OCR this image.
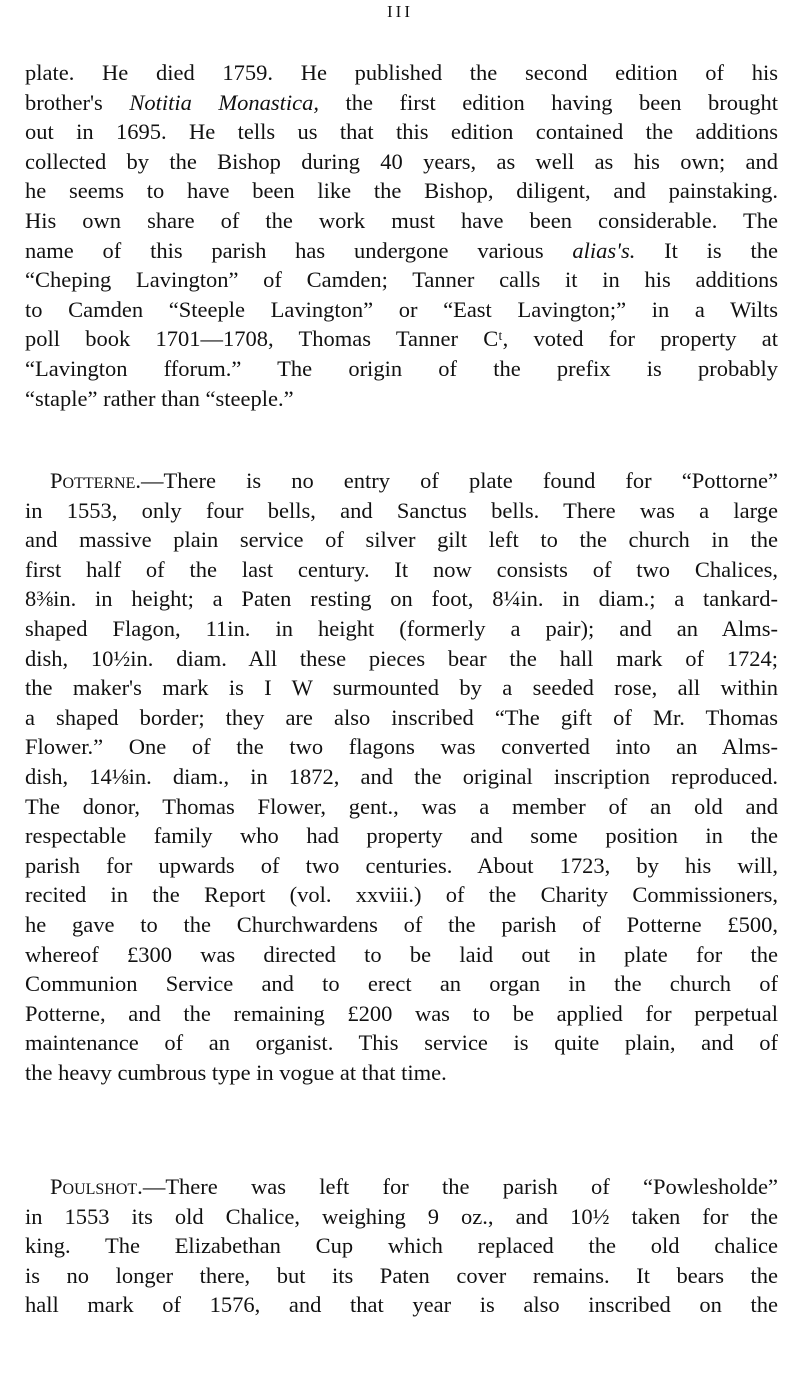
III
plate. He died 1759. He published the second edition of his
brother's Notitia Monastica, the first edition having been brought
out in 1695. He tells us that this edition contained the additions
collected by the Bishop during 40 years, as well as his own; and
he seems to have been like the Bishop, diligent, and painstaking.
His own share of the work must have been considerable. The
name of this parish has undergone various alias's. It is the
“Cheping Lavington” of Camden; Tanner calls it in his additions
to Camden “Steeple Lavington” or “East Lavington;” in a Wilts
poll book 1701—1708, Thomas Tanner Cᵗ, voted for property at
“Lavington fforum.” The origin of the prefix is probably
“staple” rather than “steeple.”
Potterne.—There is no entry of plate found for “Pottorne”
in 1553, only four bells, and Sanctus bells. There was a large
and massive plain service of silver gilt left to the church in the
first half of the last century. It now consists of two Chalices,
8⅜in. in height; a Paten resting on foot, 8¼in. in diam.; a tankard-
shaped Flagon, 11in. in height (formerly a pair); and an Alms-
dish, 10½in. diam. All these pieces bear the hall mark of 1724;
the maker's mark is I W surmounted by a seeded rose, all within
a shaped border; they are also inscribed “The gift of Mr. Thomas
Flower.” One of the two flagons was converted into an Alms-
dish, 14⅛in. diam., in 1872, and the original inscription reproduced.
The donor, Thomas Flower, gent., was a member of an old and
respectable family who had property and some position in the
parish for upwards of two centuries. About 1723, by his will,
recited in the Report (vol. xxviii.) of the Charity Commissioners,
he gave to the Churchwardens of the parish of Potterne £500,
whereof £300 was directed to be laid out in plate for the
Communion Service and to erect an organ in the church of
Potterne, and the remaining £200 was to be applied for perpetual
maintenance of an organist. This service is quite plain, and of
the heavy cumbrous type in vogue at that time.
Poulshot.—There was left for the parish of “Powlesholde”
in 1553 its old Chalice, weighing 9 oz., and 10½ taken for the
king. The Elizabethan Cup which replaced the old chalice
is no longer there, but its Paten cover remains. It bears the
hall mark of 1576, and that year is also inscribed on the
